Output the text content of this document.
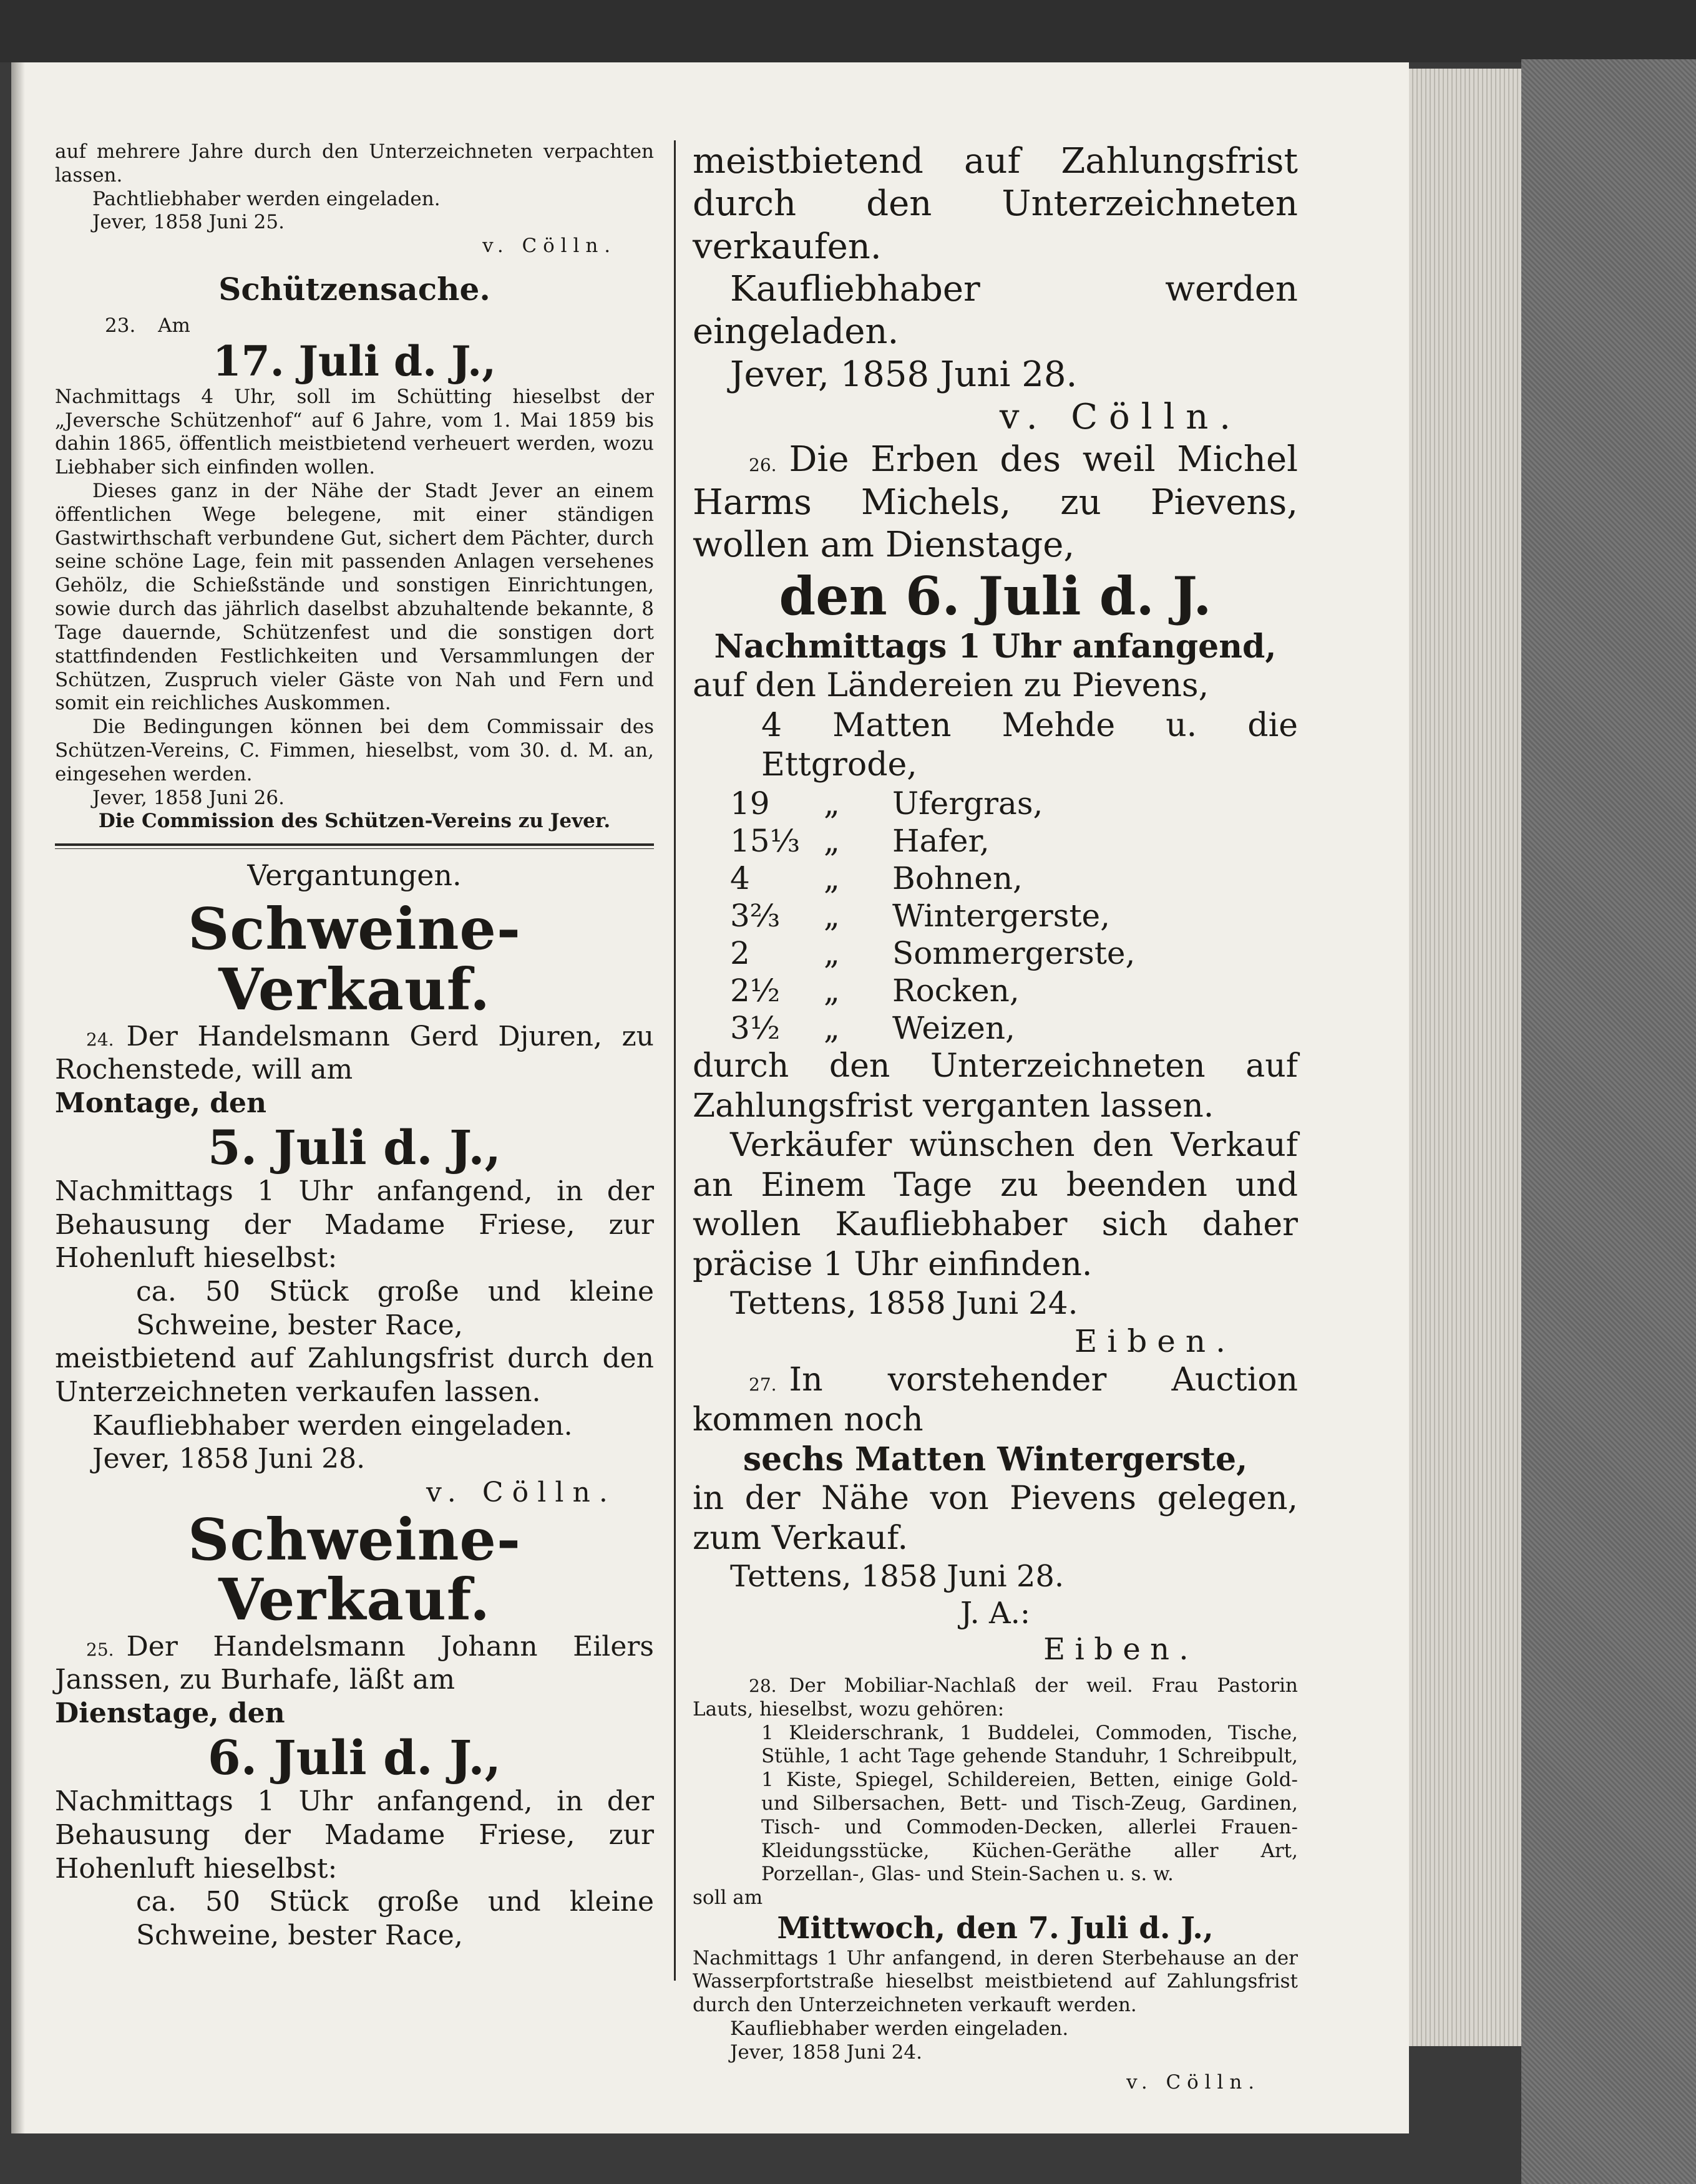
auf mehrere Jahre durch den Unterzeichneten verpachten lassen.

Pachtliebhaber werden eingeladen.

Jever, 1858 Juni 25.

v. Cölln.

Schützensache.

23. Am

17. Juli d. J.,

Nachmittags 4 Uhr, soll im Schütting hieselbst der „Jeversche Schützenhof“ auf 6 Jahre, vom 1. Mai 1859 bis dahin 1865, öffentlich meistbietend verheuert werden, wozu Liebhaber sich einfinden wollen.

Dieses ganz in der Nähe der Stadt Jever an einem öffentlichen Wege belegene, mit einer ständigen Gastwirthschaft verbundene Gut, sichert dem Pächter, durch seine schöne Lage, fein mit passenden Anlagen versehenes Gehölz, die Schießstände und sonstigen Einrichtungen, sowie durch das jährlich daselbst abzuhaltende bekannte, 8 Tage dauernde, Schützenfest und die sonstigen dort stattfindenden Festlichkeiten und Versammlungen der Schützen, Zuspruch vieler Gäste von Nah und Fern und somit ein reichliches Auskommen.

Die Bedingungen können bei dem Commissair des Schützen-Vereins, C. Fimmen, hieselbst, vom 30. d. M. an, eingesehen werden.

Jever, 1858 Juni 26.

Die Commission des Schützen-Vereins zu Jever.

Vergantungen.

Schweine-Verkauf.

24. Der Handelsmann Gerd Djuren, zu Rochenstede, will am

Montage, den

5. Juli d. J.,

Nachmittags 1 Uhr anfangend, in der Behausung der Madame Friese, zur Hohenluft hieselbst:

ca. 50 Stück große und kleine Schweine, bester Race,

meistbietend auf Zahlungsfrist durch den Unterzeichneten verkaufen lassen.

Kaufliebhaber werden eingeladen.

Jever, 1858 Juni 28.

v. Cölln.

Schweine-Verkauf.

25. Der Handelsmann Johann Eilers Janssen, zu Burhafe, läßt am

Dienstage, den

6. Juli d. J.,

Nachmittags 1 Uhr anfangend, in der Behausung der Madame Friese, zur Hohenluft hieselbst:

ca. 50 Stück große und kleine Schweine, bester Race,

meistbietend auf Zahlungsfrist durch den Unterzeichneten verkaufen.

Kaufliebhaber werden eingeladen.

Jever, 1858 Juni 28.

v. Cölln.

26. Die Erben des weil Michel Harms Michels, zu Pievens, wollen am Dienstage,

den 6. Juli d. J.

Nachmittags 1 Uhr anfangend,

auf den Ländereien zu Pievens,

4 Matten Mehde u. die Ettgrode,

19	„	Ufergras,
15⅓ „	Hafer,
4	„	Bohnen,
3⅔	„	Wintergerste,
2	„	Sommergerste,
2½	„	Rocken,
3½	„	Weizen,

durch den Unterzeichneten auf Zahlungsfrist verganten lassen.

Verkäufer wünschen den Verkauf an Einem Tage zu beenden und wollen Kaufliebhaber sich daher präcise 1 Uhr einfinden.

Tettens, 1858 Juni 24.

Eiben.

27. In vorstehender Auction kommen noch

sechs Matten Wintergerste,

in der Nähe von Pievens gelegen, zum Verkauf.

Tettens, 1858 Juni 28.

J. A.:

Eiben.

28. Der Mobiliar-Nachlaß der weil. Frau Pastorin Lauts, hieselbst, wozu gehören:

1 Kleiderschrank, 1 Buddelei, Commoden, Tische, Stühle, 1 acht Tage gehende Standuhr, 1 Schreibpult, 1 Kiste, Spiegel, Schildereien, Betten, einige Gold- und Silbersachen, Bett- und Tisch-Zeug, Gardinen, Tisch- und Commoden-Decken, allerlei Frauen-Kleidungsstücke, Küchen-Geräthe aller Art, Porzellan-, Glas- und Stein-Sachen u. s. w.

soll am

Mittwoch, den 7. Juli d. J.,

Nachmittags 1 Uhr anfangend, in deren Sterbehause an der Wasserpfortstraße hieselbst meistbietend auf Zahlungsfrist durch den Unterzeichneten verkauft werden.

Kaufliebhaber werden eingeladen.

Jever, 1858 Juni 24.

v. Cölln.
